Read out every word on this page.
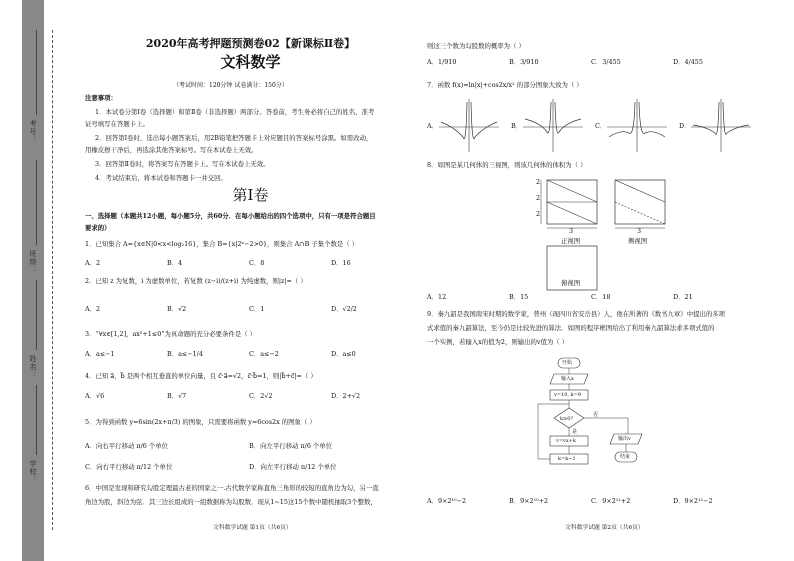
学校：
姓名：
班级：
考号：
2020年高考押题预测卷02【新课标Ⅱ卷】
文科数学
（考试时间：120分钟 试卷满分：150分）
注意事项：
1．本试卷分第Ⅰ卷（选择题）和第Ⅱ卷（非选择题）两部分。答卷前，考生务必将自己的姓名、准考
证号填写在答题卡上。
2．回答第Ⅰ卷时，选出每小题答案后，用2B铅笔把答题卡上对应题目的答案标号涂黑。如需改动，
用橡皮擦干净后，再选涂其他答案标号。写在本试卷上无效。
3．回答第Ⅱ卷时，将答案写在答题卡上。写在本试卷上无效。
4．考试结束后，将本试卷和答题卡一并交回。
第Ⅰ卷
一、选择题（本题共12小题，每小题5分，共60分．在每小题给出的四个选项中，只有一项是符合题目
要求的）
1．已知集合 A={x∈N|0<x<log₂16}，集合 B={x|2ˣ−2>0}，则集合 A∩B 子集个数是（ ）
A．2	B．4	C．8	D．16
2．已知 z 为复数，i 为虚数单位，若复数 (z−i)/(z+i) 为纯虚数，则|z|=（ ）
A．2	B．√2	C．1	D．√2/2
3．“∀x∈[1,2]，ax²+1≤0”为真命题的充分必要条件是（ ）
A．a≤−1	B．a≤−1/4	C．a≤−2	D．a≤0
4．已知 a⃗，b⃗ 是两个相互垂直的单位向量，且 c⃗·a⃗=√2，c⃗·b⃗=1，则|b⃗+c⃗|=（ ）
A．√6	B．√7	C．2√2	D．2+√2
5．为得到函数 y=6sin(2x+π/3) 的图象，只需要将函数 y=6cos2x 的图象（ ）
A．向右平行移动 π/6 个单位	B．向左平行移动 π/6 个单位
C．向右平行移动 π/12 个单位	D．向左平行移动 π/12 个单位
6．中国是发现和研究勾股定理最古老的国家之一.古代数学家称直角三角形的较短的直角边为勾，另一直
角边为股，斜边为弦．其三边长组成的一组数据称为勾股数．现从1~15这15个数中随机抽取3个整数，
文科数学试题 第1页（共6页）
则这三个数为勾股数的概率为（ ）
A．1/910	B．3/910	C．3/455	D．4/455
7．函数 f(x)=ln|x|+cos2x/x² 的部分图象大致为（ ）
A．	B．	C．	D．
8．如图是某几何体的三视图，则该几何体的体积为（ ）
2
2
2
3	3
正视图	侧视图
俯视图
A．12	B．15	C．18	D．21
9．秦九韶是我国南宋时期的数学家，普州（现四川省安岳县）人，他在所著的《数书九章》中提出的多项
式求值的秦九韶算法，至今仍是比较先进的算法．如图的程序框图给出了利用秦九韶算法求多项式值的
一个实例，若输入x的值为2，则输出的v值为（ ）
开始
输入x
v=10, k=9
k≥0?
否
是
v=vx+k
k=k−1
输出v
结束
A．9×2¹⁰−2	B．9×2¹⁰+2	C．9×2¹¹+2	D．9×2¹¹−2
文科数学试题 第2页（共6页）
